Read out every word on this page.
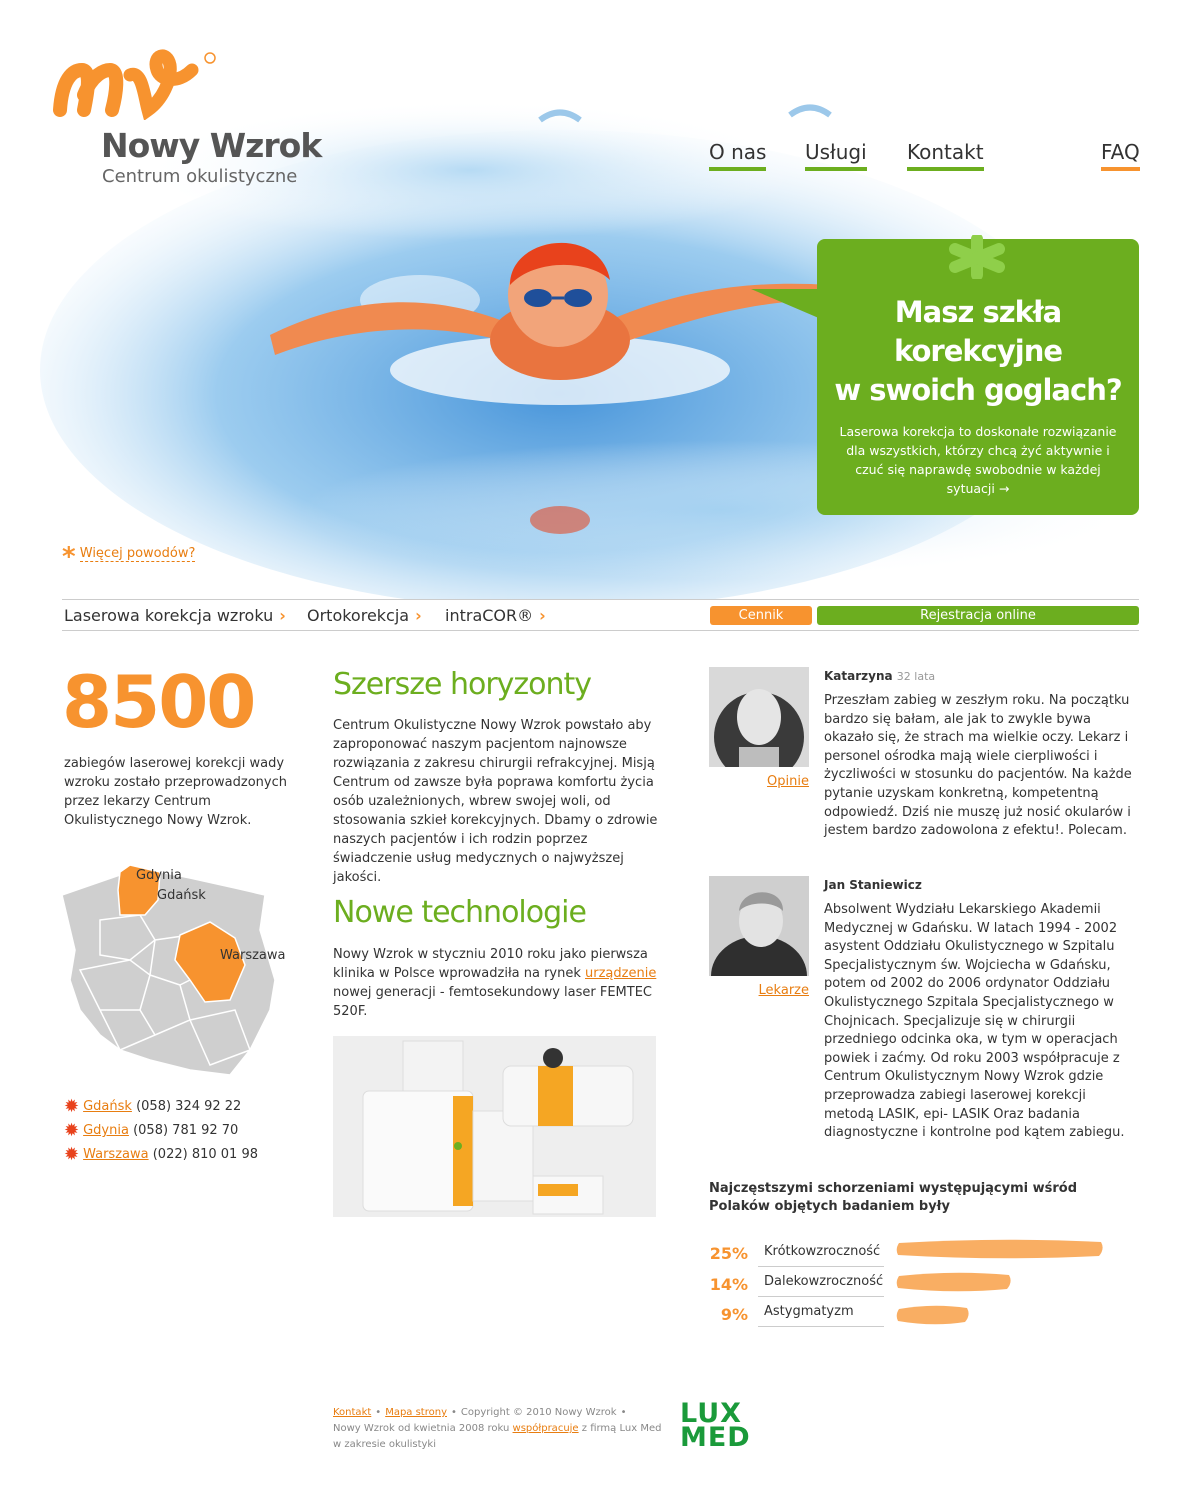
Nowy Wzrok
Centrum okulistyczne
O nas Usługi Kontakt	FAQ
Masz szkła
korekcyjne
w swoich goglach?
Laserowa korekcja to doskonałe rozwiązanie dla wszystkich, którzy chcą żyć aktywnie i czuć się naprawdę swobodnie w każdej sytuacji →
* Więcej powodów?
Laserowa korekcja wzroku › Ortokorekcja › intraCOR® ›	Cennik	Rejestracja online
8500
zabiegów laserowej korekcji wady wzroku zostało przeprowadzonych przez lekarzy Centrum Okulistycznego Nowy Wzrok.
Gdynia
Gdańsk
Warszawa
✹ Gdańsk (058) 324 92 22
✹ Gdynia (058) 781 92 70
✹ Warszawa (022) 810 01 98
Szersze horyzonty
Centrum Okulistyczne Nowy Wzrok powstało aby zaproponować naszym pacjentom najnowsze rozwiązania z zakresu chirurgii refrakcyjnej. Misją Centrum od zawsze była poprawa komfortu życia osób uzależnionych, wbrew swojej woli, od stosowania szkieł korekcyjnych. Dbamy o zdrowie naszych pacjentów i ich rodzin poprzez świadczenie usług medycznych o najwyższej jakości.
Nowe technologie
Nowy Wzrok w styczniu 2010 roku jako pierwsza klinika w Polsce wprowadziła na rynek urządzenie nowej generacji - femtosekundowy laser FEMTEC 520F.
Opinie
Katarzyna 32 lata
Przeszłam zabieg w zeszłym roku. Na początku bardzo się bałam, ale jak to zwykle bywa okazało się, że strach ma wielkie oczy. Lekarz i personel ośrodka mają wiele cierpliwości i życzliwości w stosunku do pacjentów. Na każde pytanie uzyskam konkretną, kompetentną odpowiedź. Dziś nie muszę już nosić okularów i jestem bardzo zadowolona z efektu!. Polecam.
Lekarze
Jan Staniewicz
Absolwent Wydziału Lekarskiego Akademii Medycznej w Gdańsku. W latach 1994 - 2002 asystent Oddziału Okulistycznego w Szpitalu Specjalistycznym św. Wojciecha w Gdańsku, potem od 2002 do 2006 ordynator Oddziału Okulistycznego Szpitala Specjalistycznego w Chojnicach. Specjalizuje się w chirurgii przedniego odcinka oka, w tym w operacjach powiek i zaćmy. Od roku 2003 współpracuje z Centrum Okulistycznym Nowy Wzrok gdzie przeprowadza zabiegi laserowej korekcji metodą LASIK, epi- LASIK Oraz badania diagnostyczne i kontrolne pod kątem zabiegu.
Najczęstszymi schorzeniami występującymi wśród Polaków objętych badaniem były
25%	Krótkowzroczność
14%	Dalekowzroczność
9%	Astygmatyzm
Kontakt • Mapa strony • Copyright © 2010 Nowy Wzrok •
Nowy Wzrok od kwietnia 2008 roku współpracuje z firmą Lux Med w zakresie okulistyki
LUX
MED
